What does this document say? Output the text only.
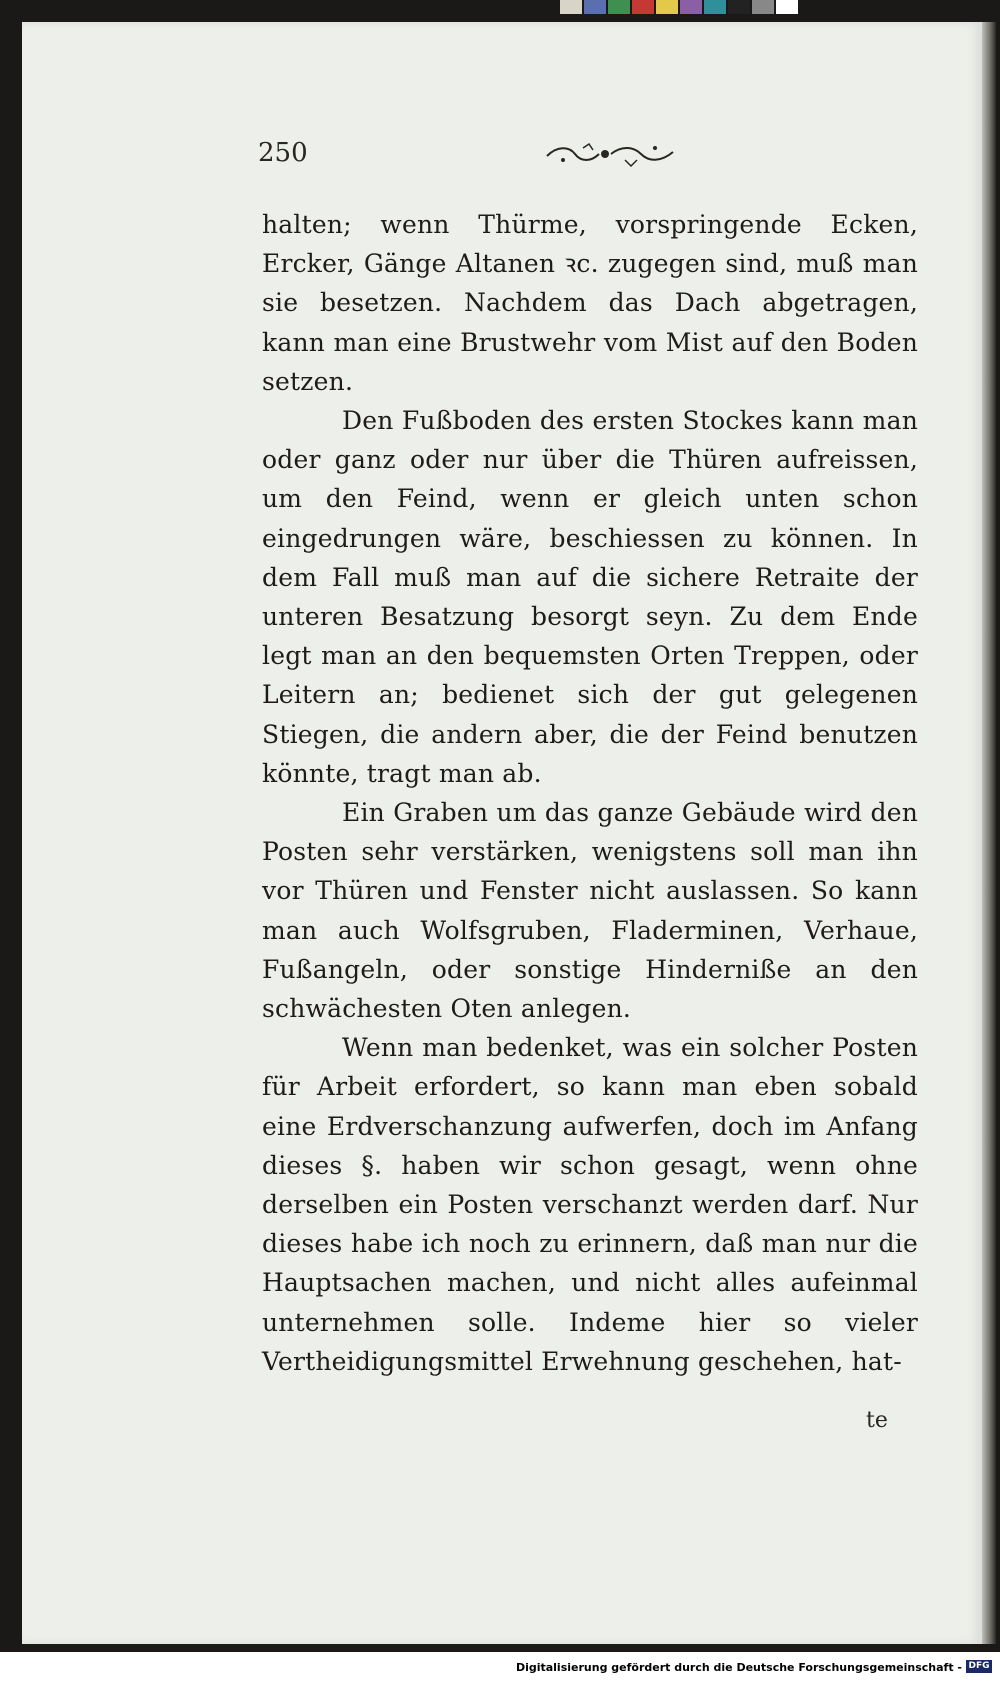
250

halten; wenn Thürme, vorspringende Ecken, Ercker, Gänge Altanen ꝛc. zugegen sind, muß man sie besetzen. Nachdem das Dach abgetragen, kann man eine Brustwehr vom Mist auf den Boden setzen.

Den Fußboden des ersten Stockes kann man oder ganz oder nur über die Thüren aufreissen, um den Feind, wenn er gleich unten schon eingedrungen wäre, beschiessen zu können. In dem Fall muß man auf die sichere Retraite der unteren Besatzung besorgt seyn. Zu dem Ende legt man an den bequemsten Orten Treppen, oder Leitern an; bedienet sich der gut gelegenen Stiegen, die andern aber, die der Feind benutzen könnte, tragt man ab.

Ein Graben um das ganze Gebäude wird den Posten sehr verstärken, wenigstens soll man ihn vor Thüren und Fenster nicht auslassen. So kann man auch Wolfsgruben, Fladerminen, Verhaue, Fußangeln, oder sonstige Hinderniße an den schwächesten Oten anlegen.

Wenn man bedenket, was ein solcher Posten für Arbeit erfordert, so kann man eben sobald eine Erdverschanzung aufwerfen, doch im Anfang dieses §. haben wir schon gesagt, wenn ohne derselben ein Posten verschanzt werden darf. Nur dieses habe ich noch zu erinnern, daß man nur die Hauptsachen machen, und nicht alles aufeinmal unternehmen solle. Indeme hier so vieler Vertheidigungsmittel Erwehnung geschehen, hat-

te
Digitalisierung gefördert durch die Deutsche Forschungsgemeinschaft - DFG
